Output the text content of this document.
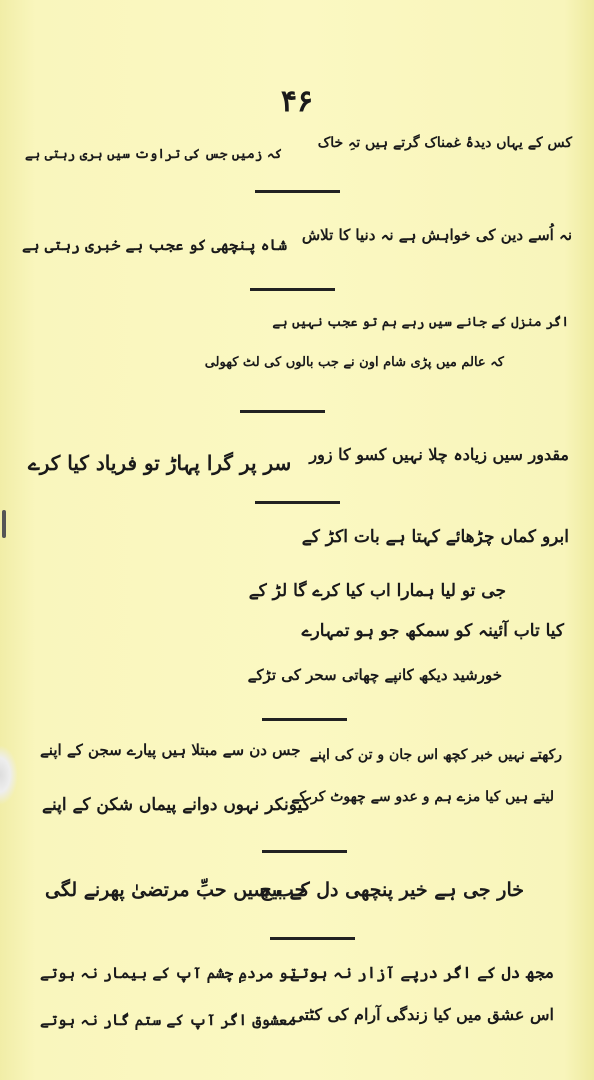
۴۶
کس کے یہاں دیدۂ غمناک گرتے ہیں تہِ خاک
کہ زمیں جس کی تراوت سیں ہری رہتی ہے
نہ اُسے دین کی خواہش ہے نہ دنیا کا تلاش
شاہ پنچھی کو عجب بے خبری رہتی ہے
اگر منزل کے جانے سیں رہے ہم تو عجب نہیں ہے
کہ عالم میں پڑی شام اون نے جب بالوں کی لٹ کھولی
مقدور سیں زیادہ چلا نہیں کسو کا زور
سر پر گرا پہاڑ تو فریاد کیا کرے
ابرو کماں چڑھائے کہتا ہے بات اکڑ کے
جی تو لیا ہمارا اب کیا کرے گا لڑ کے
کیا تاب آئینہ کو سمکھ جو ہو تمہارے
خورشید دیکھ کانپے چھاتی سحر کی تڑکے
رکھتے نہیں خبر کچھ اس جان و تن کی اپنے
جس دن سے مبتلا ہیں پیارے سجن کے اپنے
لیتے ہیں کیا مزے ہم و عدو سے چھوٹ کر کے
کیونکر نہوں دوانے پیماں شکن کے اپنے
خار جی ہے خیر پنچھی دل کے بیچ
جب سیں حبِّ مرتضیٰ پھرنے لگی
مجھ دل کے اگر درپے آزار نہ ہوتے
تو مردمِ چشم آپ کے بیمار نہ ہوتے
اس عشق میں کیا زندگی آرام کی کٹتی
معشوق اگر آپ کے ستم گار نہ ہوتے
